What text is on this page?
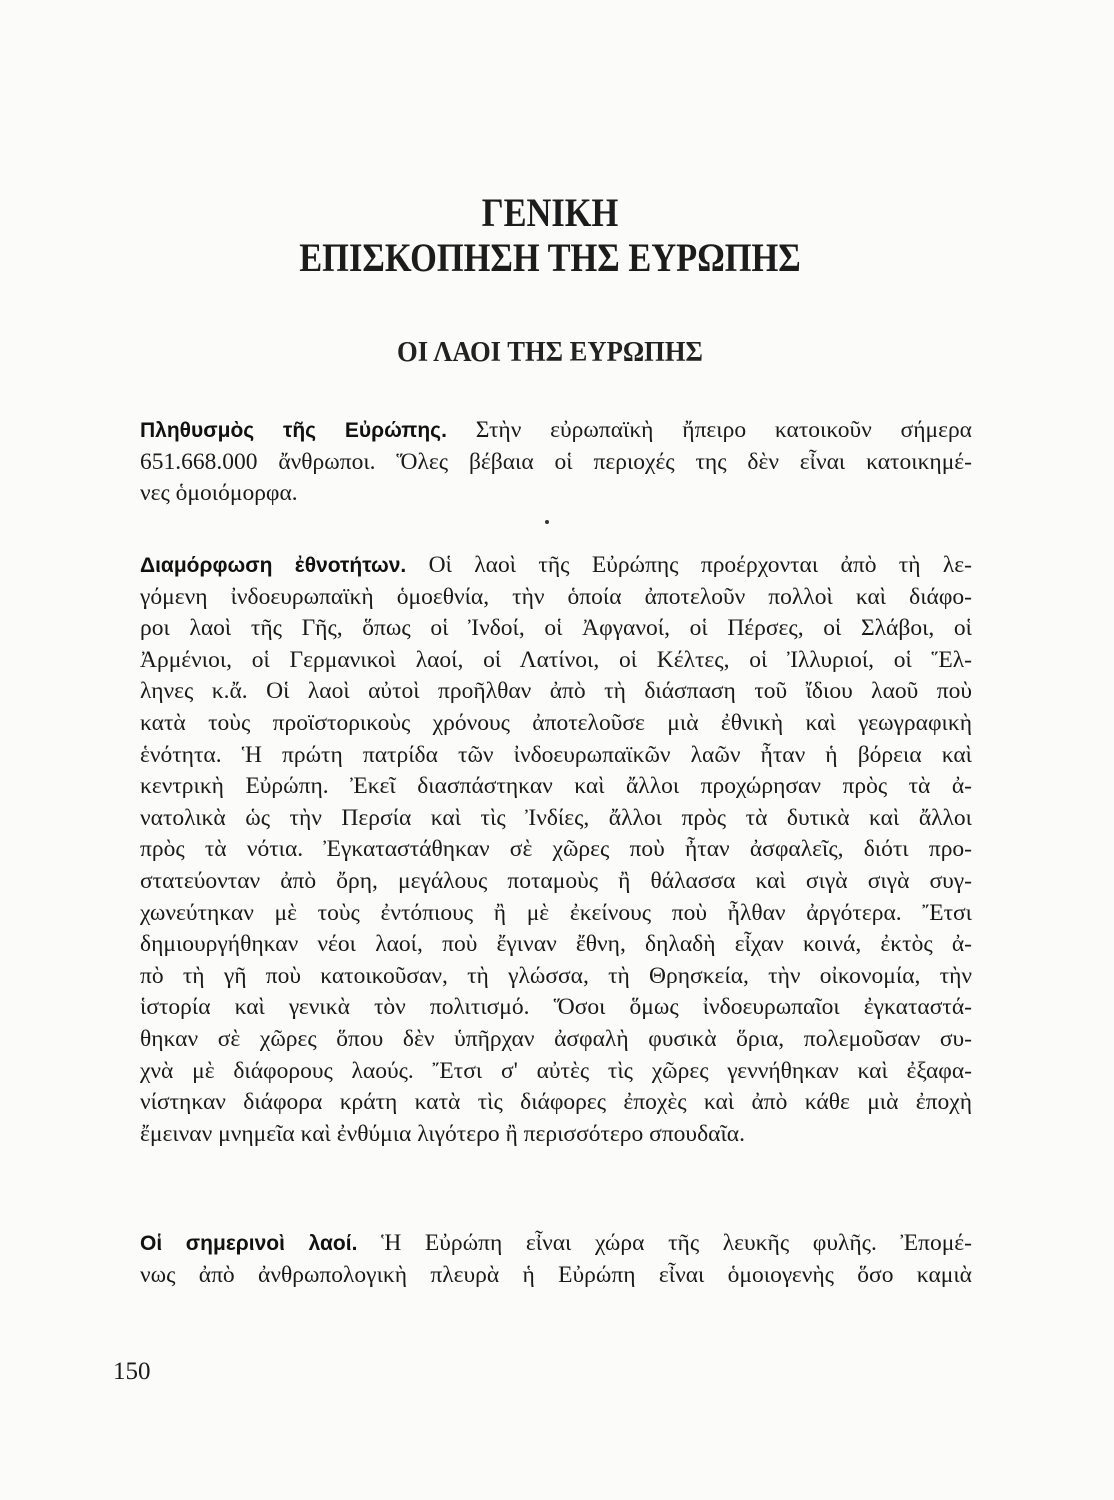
ΓΕΝΙΚΗ
ΕΠΙΣΚΟΠΗΣΗ ΤΗΣ ΕΥΡΩΠΗΣ
ΟΙ ΛΑΟΙ ΤΗΣ ΕΥΡΩΠΗΣ

Πληθυσμὸς τῆς Εὐρώπης. Στὴν εὐρωπαϊκὴ ἤπειρο κατοικοῦν σήμερα
651.668.000 ἄνθρωποι. Ὅλες βέβαια οἱ περιοχές της δὲν εἶναι κατοικημέ-
νες ὁμοιόμορφα.

Διαμόρφωση ἐθνοτήτων. Οἱ λαοὶ τῆς Εὐρώπης προέρχονται ἀπὸ τὴ λε-
γόμενη ἰνδοευρωπαϊκὴ ὁμοεθνία, τὴν ὁποία ἀποτελοῦν πολλοὶ καὶ διάφο-
ροι λαοὶ τῆς Γῆς, ὅπως οἱ Ἰνδοί, οἱ Ἀφγανοί, οἱ Πέρσες, οἱ Σλάβοι, οἱ
Ἀρμένιοι, οἱ Γερμανικοὶ λαοί, οἱ Λατίνοι, οἱ Κέλτες, οἱ Ἰλλυριοί, οἱ Ἕλ-
ληνες κ.ἄ. Οἱ λαοὶ αὐτοὶ προῆλθαν ἀπὸ τὴ διάσπαση τοῦ ἴδιου λαοῦ ποὺ
κατὰ τοὺς προϊστορικοὺς χρόνους ἀποτελοῦσε μιὰ ἐθνικὴ καὶ γεωγραφικὴ
ἑνότητα. Ἡ πρώτη πατρίδα τῶν ἰνδοευρωπαϊκῶν λαῶν ἦταν ἡ βόρεια καὶ
κεντρικὴ Εὐρώπη. Ἐκεῖ διασπάστηκαν καὶ ἄλλοι προχώρησαν πρὸς τὰ ἀ-
νατολικὰ ὡς τὴν Περσία καὶ τὶς Ἰνδίες, ἄλλοι πρὸς τὰ δυτικὰ καὶ ἄλλοι
πρὸς τὰ νότια. Ἐγκαταστάθηκαν σὲ χῶρες ποὺ ἦταν ἀσφαλεῖς, διότι προ-
στατεύονταν ἀπὸ ὄρη, μεγάλους ποταμοὺς ἢ θάλασσα καὶ σιγὰ σιγὰ συγ-
χωνεύτηκαν μὲ τοὺς ἐντόπιους ἢ μὲ ἐκείνους ποὺ ἦλθαν ἀργότερα. Ἔτσι
δημιουργήθηκαν νέοι λαοί, ποὺ ἔγιναν ἔθνη, δηλαδὴ εἶχαν κοινά, ἐκτὸς ἀ-
πὸ τὴ γῆ ποὺ κατοικοῦσαν, τὴ γλώσσα, τὴ Θρησκεία, τὴν οἰκονομία, τὴν
ἱστορία καὶ γενικὰ τὸν πολιτισμό. Ὅσοι ὅμως ἰνδοευρωπαῖοι ἐγκαταστά-
θηκαν σὲ χῶρες ὅπου δὲν ὑπῆρχαν ἀσφαλὴ φυσικὰ ὅρια, πολεμοῦσαν συ-
χνὰ μὲ διάφορους λαούς. Ἔτσι σ' αὐτὲς τὶς χῶρες γεννήθηκαν καὶ ἐξαφα-
νίστηκαν διάφορα κράτη κατὰ τὶς διάφορες ἐποχὲς καὶ ἀπὸ κάθε μιὰ ἐποχὴ
ἔμειναν μνημεῖα καὶ ἐνθύμια λιγότερο ἢ περισσότερο σπουδαῖα.

Οἱ σημερινοὶ λαοί. Ἡ Εὐρώπη εἶναι χώρα τῆς λευκῆς φυλῆς. Ἐπομέ-
νως ἀπὸ ἀνθρωπολογικὴ πλευρὰ ἡ Εὐρώπη εἶναι ὁμοιογενὴς ὅσο καμιὰ

150
